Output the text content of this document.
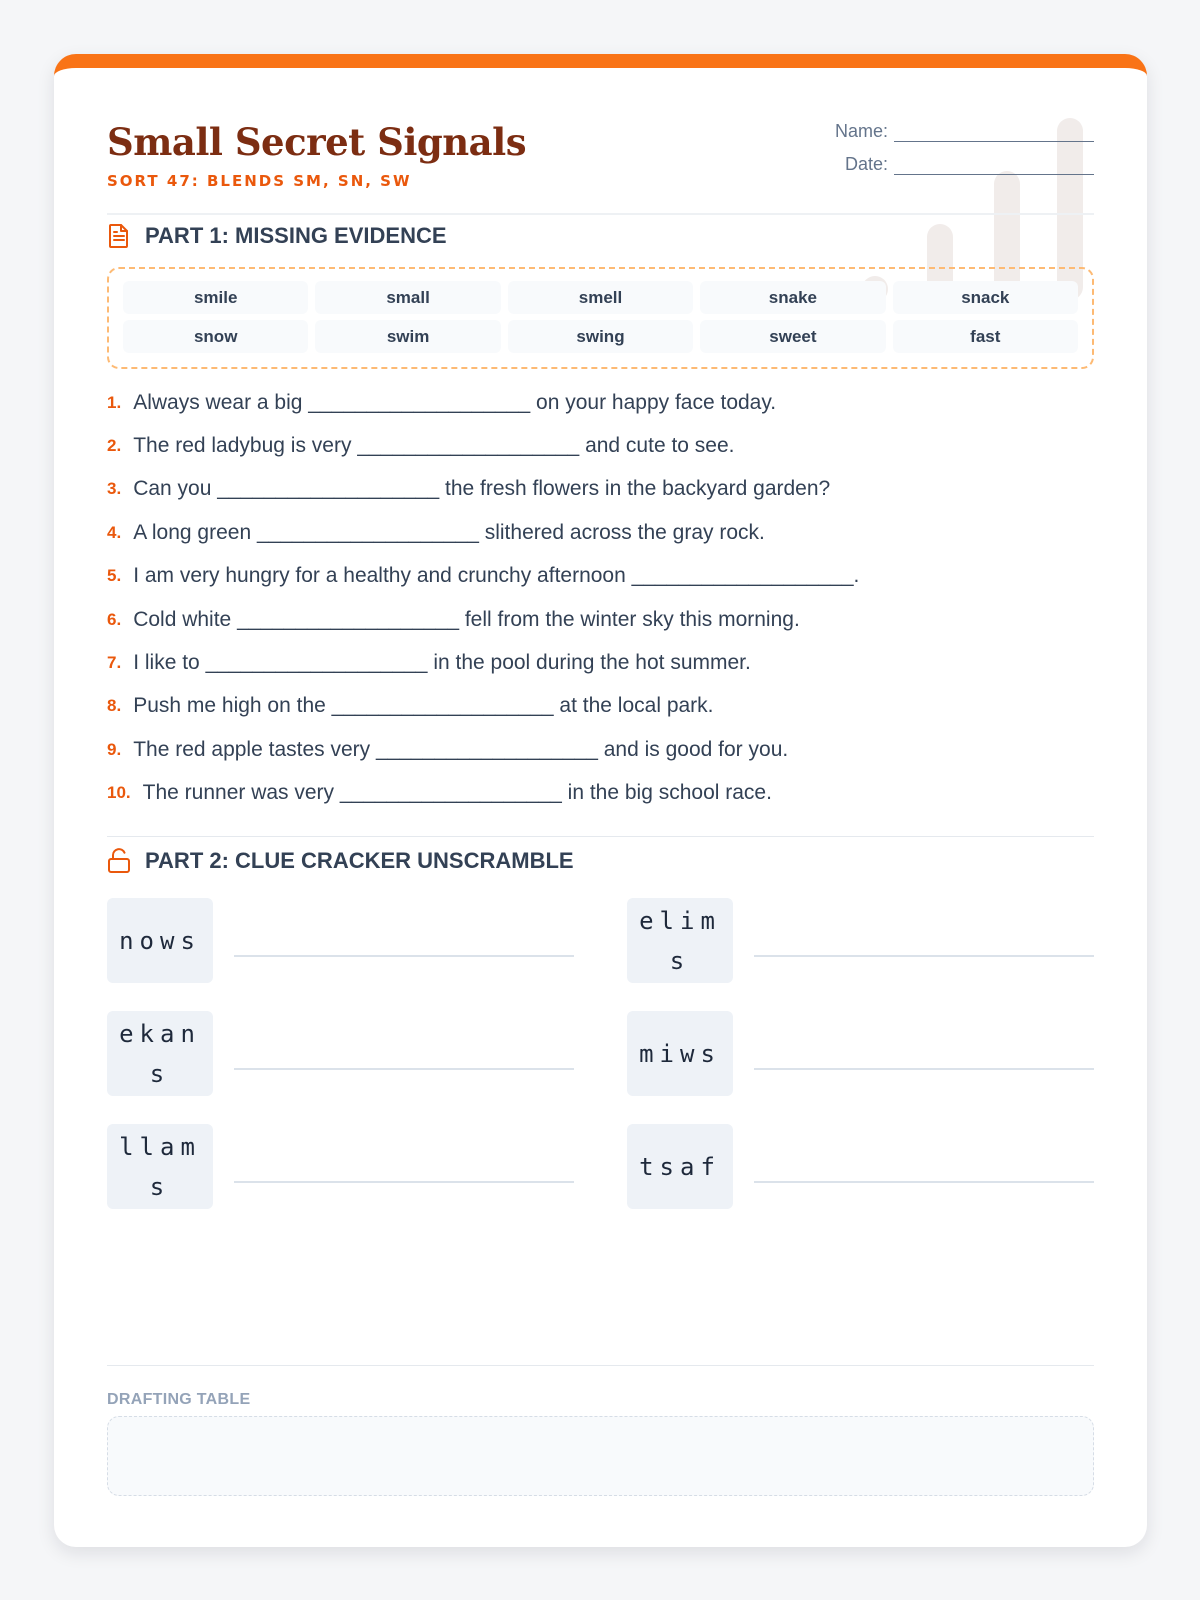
Small Secret Signals
SORT 47: BLENDS SM, SN, SW
Name:
Date:
PART 1: MISSING EVIDENCE
smile	small	smell	snake	snack
snow	swim	swing	sweet	fast
1. Always wear a big
___________________
on your happy face today.
2. The red ladybug is very
___________________
and cute to see.
3. Can you
___________________
the fresh flowers in the backyard garden?
4. A long green
___________________
slithered across the gray rock.
5. I am very hungry for a healthy and crunchy afternoon
___________________ .
6. Cold white
___________________
fell from the winter sky this morning.
7. I like to
___________________
in the pool during the hot summer.
8. Push me high on the
___________________
at the local park.
9. The red apple tastes very
___________________
and is good for you.
10. The runner was very
___________________
in the big school race.
PART 2: CLUE CRACKER UNSCRAMBLE
nows
elims
ekans
miws
llams
tsaf
DRAFTING TABLE
